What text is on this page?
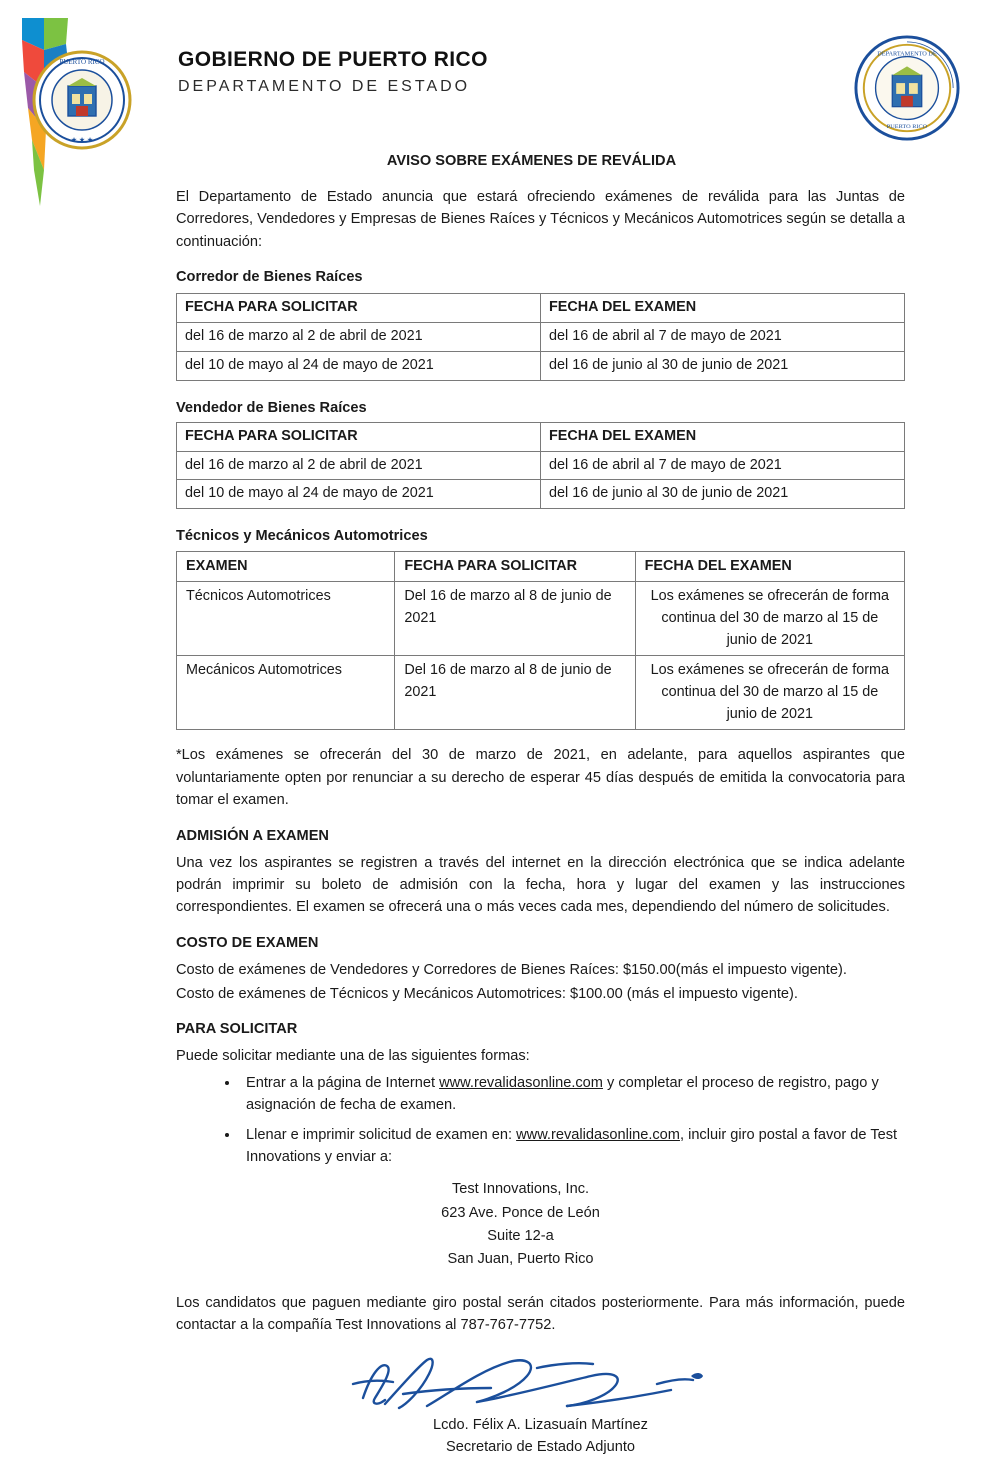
PUERTO RICO
★ ★ ★
GOBIERNO DE PUERTO RICO
DEPARTAMENTO DE ESTADO
DEPARTAMENTO DE
PUERTO RICO
AVISO SOBRE EXÁMENES DE REVÁLIDA

El Departamento de Estado anuncia que estará ofreciendo exámenes de reválida para las Juntas de Corredores, Vendedores y Empresas de Bienes Raíces y Técnicos y Mecánicos Automotrices según se detalla a continuación:

Corredor de Bienes Raíces
FECHA PARA SOLICITAR	FECHA DEL EXAMEN
del 16 de marzo al 2 de abril de 2021	del 16 de abril al 7 de mayo de 2021
del 10 de mayo al 24 de mayo de 2021	del 16 de junio al 30 de junio de 2021
Vendedor de Bienes Raíces
FECHA PARA SOLICITAR	FECHA DEL EXAMEN
del 16 de marzo al 2 de abril de 2021	del 16 de abril al 7 de mayo de 2021
del 10 de mayo al 24 de mayo de 2021	del 16 de junio al 30 de junio de 2021
Técnicos y Mecánicos Automotrices
EXAMEN	FECHA PARA SOLICITAR	FECHA DEL EXAMEN
Técnicos Automotrices	Del 16 de marzo al 8 de junio de 2021	Los exámenes se ofrecerán de forma continua del 30 de marzo al 15 de junio de 2021
Mecánicos Automotrices	Del 16 de marzo al 8 de junio de 2021	Los exámenes se ofrecerán de forma continua del 30 de marzo al 15 de junio de 2021

*Los exámenes se ofrecerán del 30 de marzo de 2021, en adelante, para aquellos aspirantes que voluntariamente opten por renunciar a su derecho de esperar 45 días después de emitida la convocatoria para tomar el examen.

ADMISIÓN A EXAMEN

Una vez los aspirantes se registren a través del internet en la dirección electrónica que se indica adelante podrán imprimir su boleto de admisión con la fecha, hora y lugar del examen y las instrucciones correspondientes. El examen se ofrecerá una o más veces cada mes, dependiendo del número de solicitudes.

COSTO DE EXAMEN

Costo de exámenes de Vendedores y Corredores de Bienes Raíces: $150.00(más el impuesto vigente).

Costo de exámenes de Técnicos y Mecánicos Automotrices: $100.00 (más el impuesto vigente).

PARA SOLICITAR

Puede solicitar mediante una de las siguientes formas:

• Entrar a la página de Internet www.revalidasonline.com y completar el proceso de registro, pago y asignación de fecha de examen.
• Llenar e imprimir solicitud de examen en: www.revalidasonline.com, incluir giro postal a favor de Test Innovations y enviar a:
Test Innovations, Inc.
623 Ave. Ponce de León
Suite 12-a
San Juan, Puerto Rico

Los candidatos que paguen mediante giro postal serán citados posteriormente. Para más información, puede contactar a la compañía Test Innovations al 787-767-7752.

Lcdo. Félix A. Lizasuaín Martínez
Secretario de Estado Adjunto
